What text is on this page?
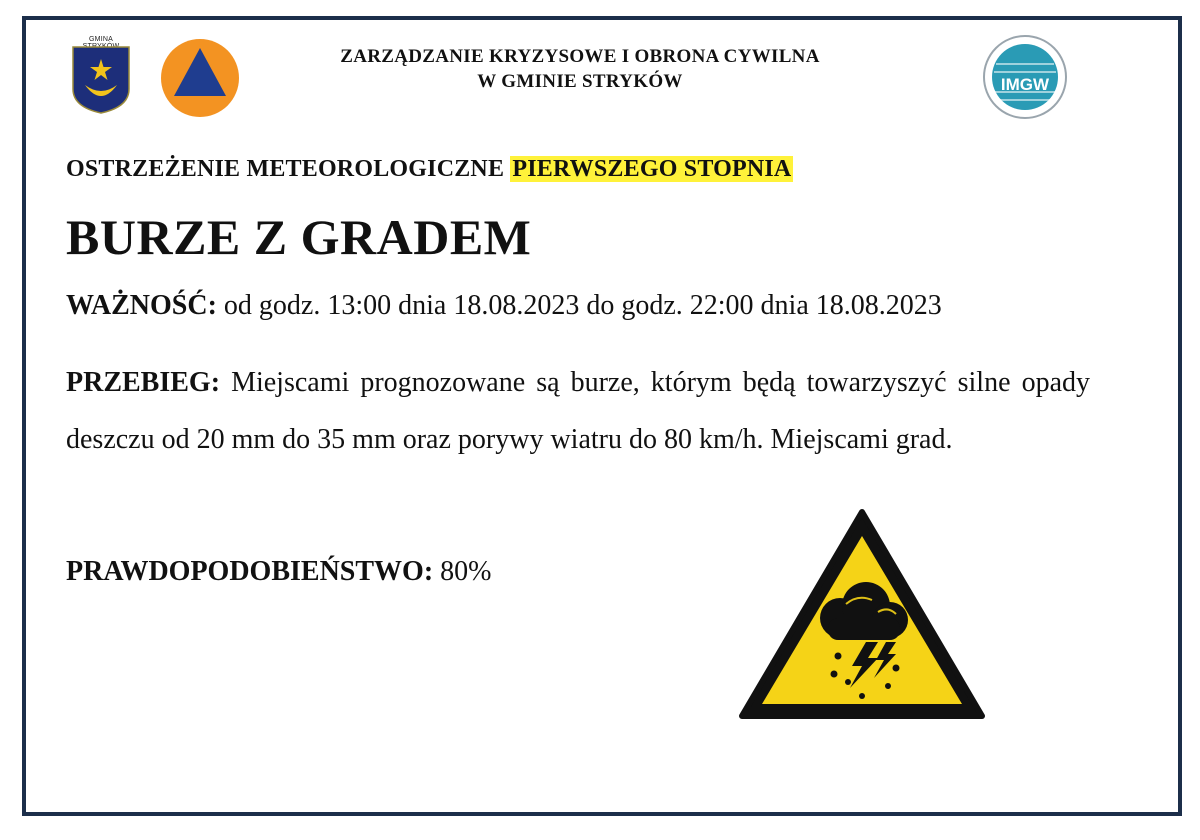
GMINA
ZARZĄDZANIE KRYZYSOWE I OBRONA CYWILNA
W GMINIE STRYKÓW	IMGW
OSTRZEŻENIE METEOROLOGICZNE PIERWSZEGO STOPNIA
BURZE Z GRADEM
WAŻNOŚĆ: od godz. 13:00 dnia 18.08.2023 do godz. 22:00 dnia 18.08.2023
PRZEBIEG: Miejscami prognozowane są burze, którym będą towarzyszyć silne opady deszczu od 20 mm do 35 mm oraz porywy wiatru do 80 km/h. Miejscami grad.
PRAWDOPODOBIEŃSTWO: 80%
